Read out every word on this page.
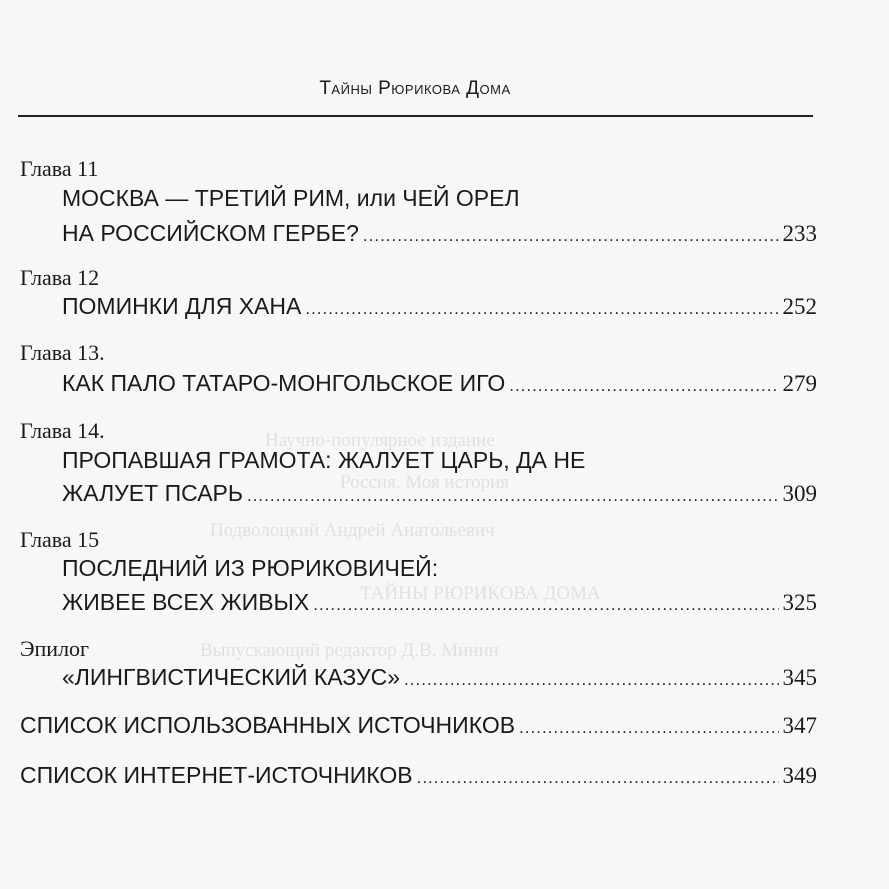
Тайны Рюрикова Дома
Научно-популярное издание
Россия. Моя история
Подволоцкий Андрей Анатольевич
ТАЙНЫ РЮРИКОВА ДОМА
Выпускающий редактор Д.В. Минин
Глава 11
МОСКВА — ТРЕТИЙ РИМ, или ЧЕЙ ОРЕЛ
НА РОССИЙСКОМ ГЕРБЕ? .....	233
Глава 12
ПОМИНКИ ДЛЯ ХАНА .....	252
Глава 13.
КАК ПАЛО ТАТАРО-МОНГОЛЬСКОЕ ИГО .....	279
Глава 14.
ПРОПАВШАЯ ГРАМОТА: ЖАЛУЕТ ЦАРЬ, ДА НЕ
ЖАЛУЕТ ПСАРЬ .....	309
Глава 15
ПОСЛЕДНИЙ ИЗ РЮРИКОВИЧЕЙ:
ЖИВЕЕ ВСЕХ ЖИВЫХ .....	325
Эпилог
«ЛИНГВИСТИЧЕСКИЙ КАЗУС» .....	345
СПИСОК ИСПОЛЬЗОВАННЫХ ИСТОЧНИКОВ .....	347
СПИСОК ИНТЕРНЕТ-ИСТОЧНИКОВ .....	349
